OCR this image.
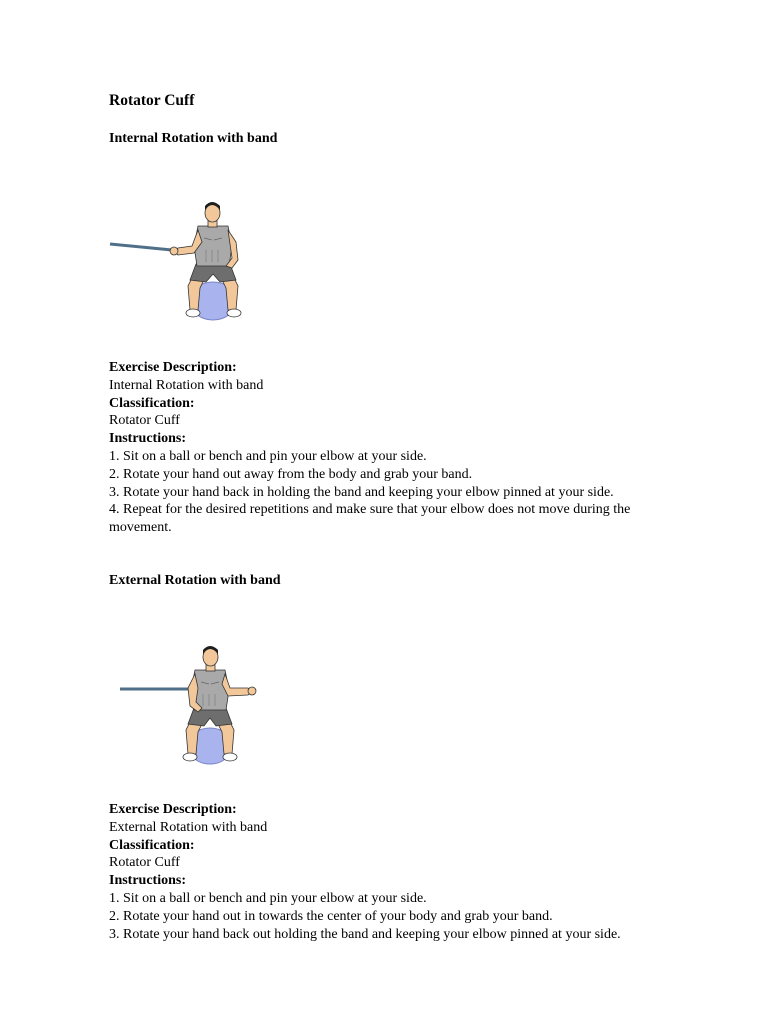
Rotator Cuff
Internal Rotation with band
Exercise Description:
Internal Rotation with band
Classification:
Rotator Cuff
Instructions:
1. Sit on a ball or bench and pin your elbow at your side.
2. Rotate your hand out away from the body and grab your band.
3. Rotate your hand back in holding the band and keeping your elbow pinned at your side.
4. Repeat for the desired repetitions and make sure that your elbow does not move during the movement.
External Rotation with band
Exercise Description:
External Rotation with band
Classification:
Rotator Cuff
Instructions:
1. Sit on a ball or bench and pin your elbow at your side.
2. Rotate your hand out in towards the center of your body and grab your band.
3. Rotate your hand back out holding the band and keeping your elbow pinned at your side.
